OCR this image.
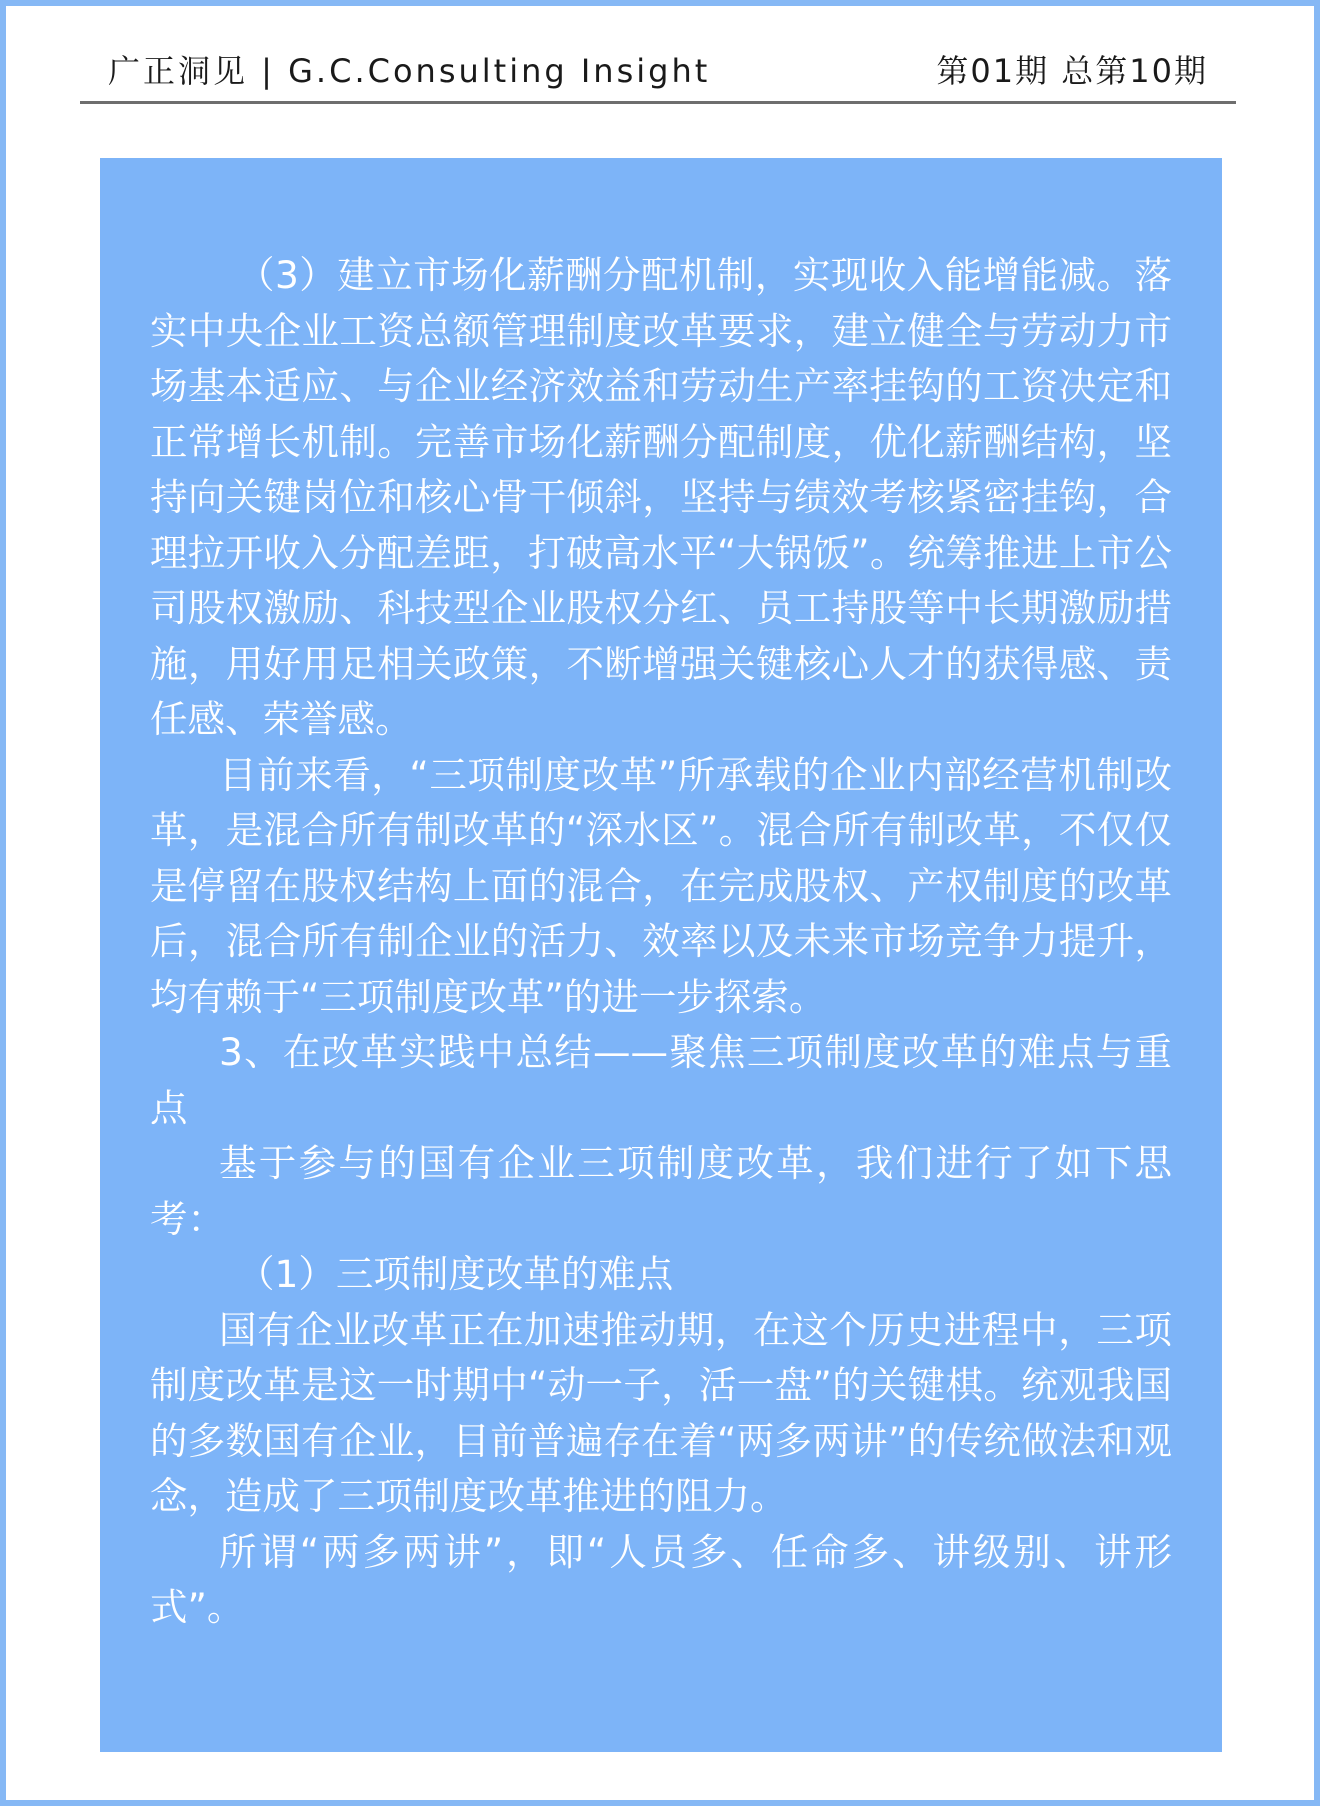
广正洞见 | G.C.Consulting Insight	第01期 总第10期

（3）建立市场化薪酬分配机制，实现收入能增能减。落实中央企业工资总额管理制度改革要求，建立健全与劳动力市场基本适应、与企业经济效益和劳动生产率挂钩的工资决定和正常增长机制。完善市场化薪酬分配制度，优化薪酬结构，坚持向关键岗位和核心骨干倾斜，坚持与绩效考核紧密挂钩，合理拉开收入分配差距，打破高水平“大锅饭”。统筹推进上市公司股权激励、科技型企业股权分红、员工持股等中长期激励措施，用好用足相关政策，不断增强关键核心人才的获得感、责任感、荣誉感。

目前来看，“三项制度改革”所承载的企业内部经营机制改革，是混合所有制改革的“深水区”。混合所有制改革，不仅仅是停留在股权结构上面的混合，在完成股权、产权制度的改革后，混合所有制企业的活力、效率以及未来市场竞争力提升，均有赖于“三项制度改革”的进一步探索。

3、在改革实践中总结——聚焦三项制度改革的难点与重点

基于参与的国有企业三项制度改革，我们进行了如下思考：

（1）三项制度改革的难点

国有企业改革正在加速推动期，在这个历史进程中，三项制度改革是这一时期中“动一子，活一盘”的关键棋。统观我国的多数国有企业，目前普遍存在着“两多两讲”的传统做法和观念，造成了三项制度改革推进的阻力。

所谓“两多两讲”，即“人员多、任命多、讲级别、讲形式”。
